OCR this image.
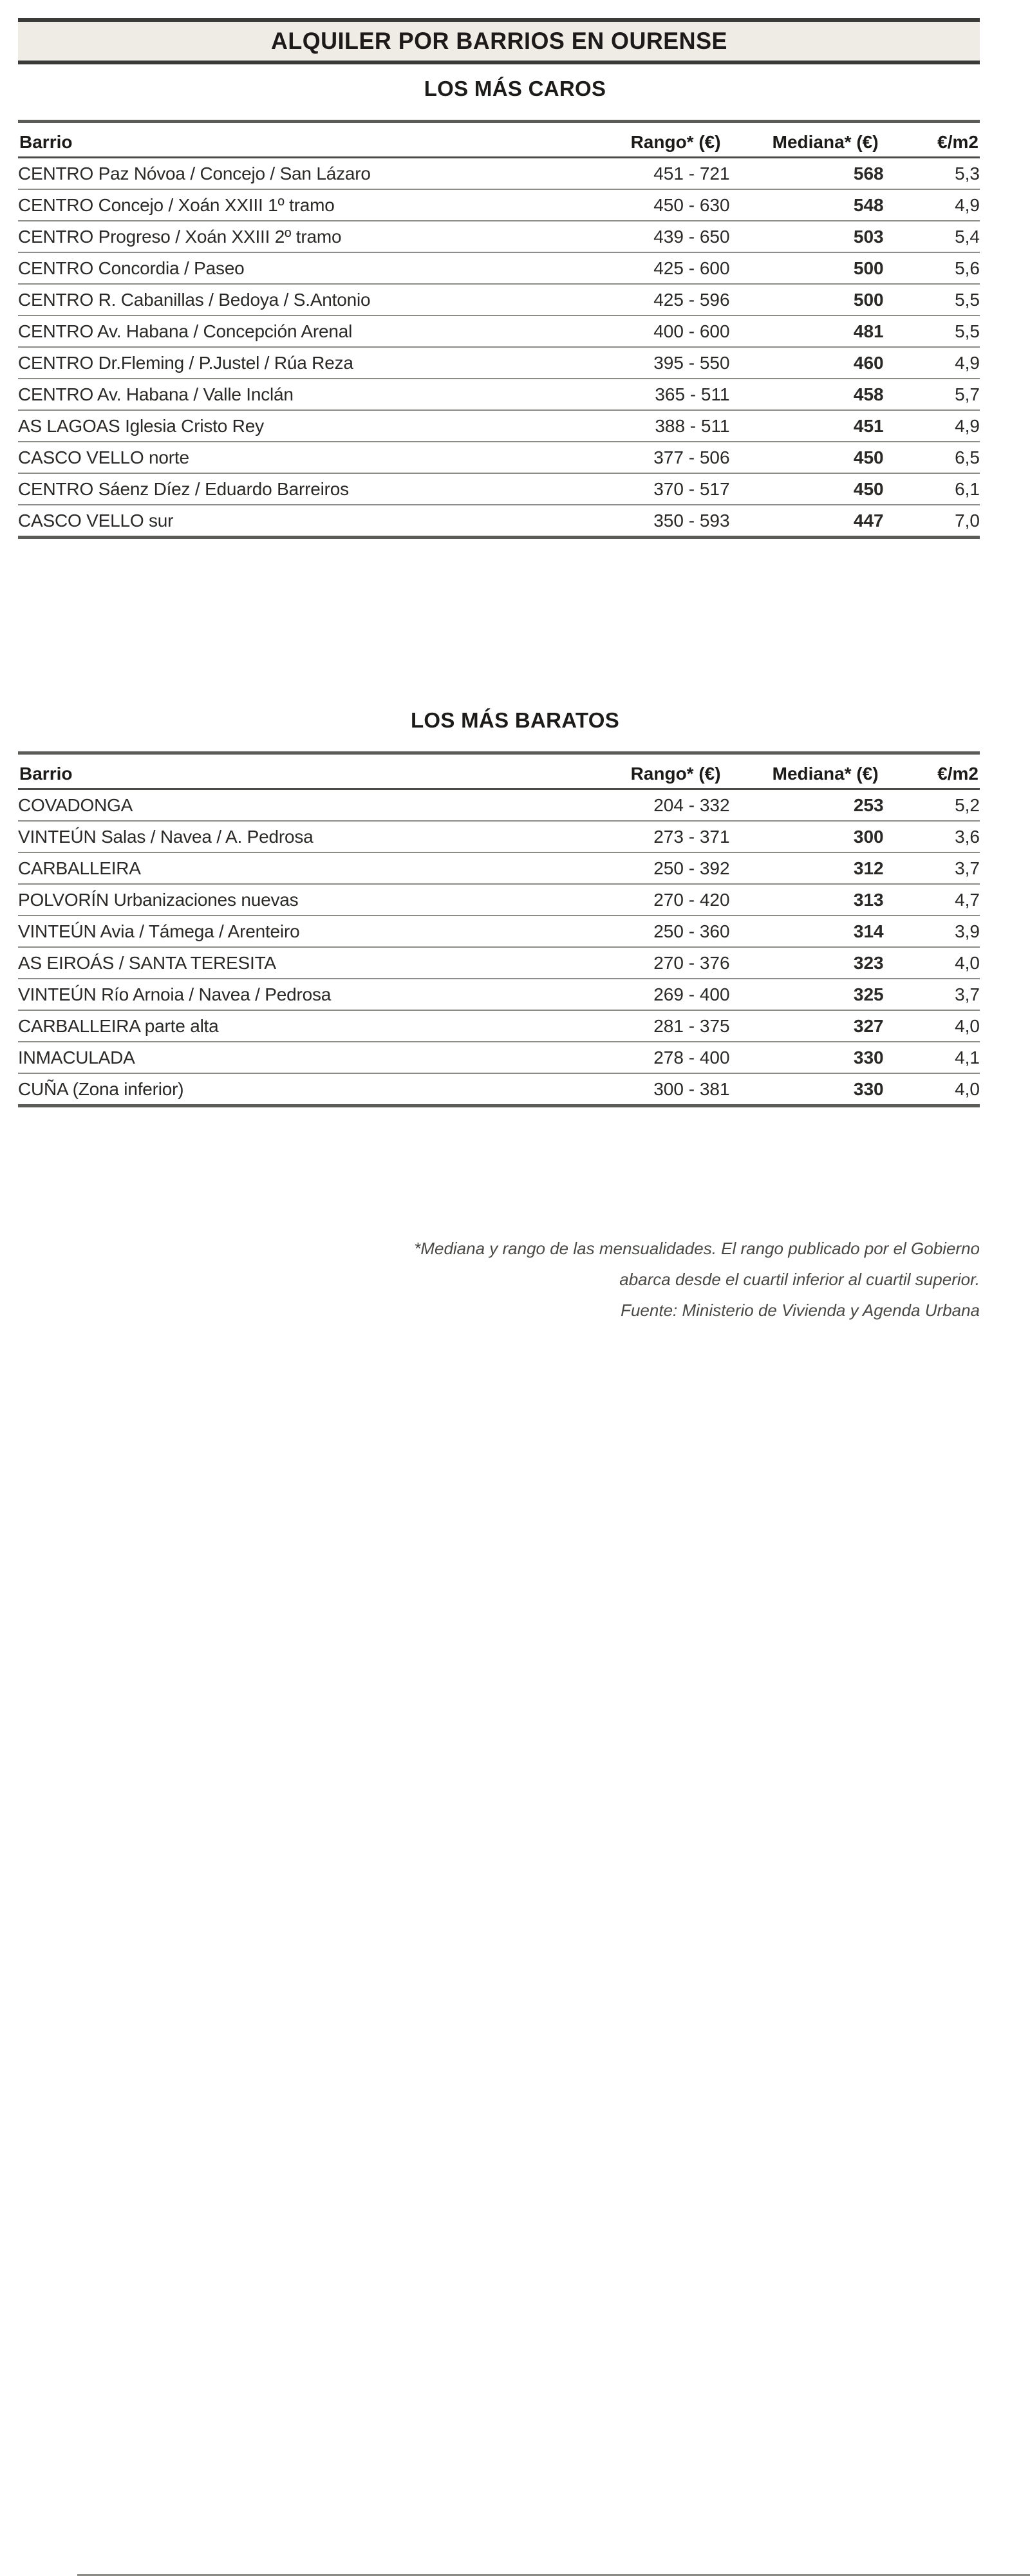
ALQUILER POR BARRIOS EN OURENSE
LOS MÁS CAROS
Barrio	Rango* (€)	Mediana* (€)	€/m2
CENTRO Paz Nóvoa / Concejo / San Lázaro	451 - 721	568	5,3
CENTRO Concejo / Xoán XXIII 1º tramo	450 - 630	548	4,9
CENTRO Progreso / Xoán XXIII 2º tramo	439 - 650	503	5,4
CENTRO Concordia / Paseo	425 - 600	500	5,6
CENTRO R. Cabanillas / Bedoya / S.Antonio	425 - 596	500	5,5
CENTRO Av. Habana / Concepción Arenal	400 - 600	481	5,5
CENTRO Dr.Fleming / P.Justel / Rúa Reza	395 - 550	460	4,9
CENTRO Av. Habana / Valle Inclán	365 - 511	458	5,7
AS LAGOAS Iglesia Cristo Rey	388 - 511	451	4,9
CASCO VELLO norte	377 - 506	450	6,5
CENTRO Sáenz Díez / Eduardo Barreiros	370 - 517	450	6,1
CASCO VELLO sur	350 - 593	447	7,0
LOS MÁS BARATOS
Barrio	Rango* (€)	Mediana* (€)	€/m2
COVADONGA	204 - 332	253	5,2
VINTEÚN Salas / Navea / A. Pedrosa	273 - 371	300	3,6
CARBALLEIRA	250 - 392	312	3,7
POLVORÍN Urbanizaciones nuevas	270 - 420	313	4,7
VINTEÚN Avia / Támega / Arenteiro	250 - 360	314	3,9
AS EIROÁS / SANTA TERESITA	270 - 376	323	4,0
VINTEÚN Río Arnoia / Navea / Pedrosa	269 - 400	325	3,7
CARBALLEIRA parte alta	281 - 375	327	4,0
INMACULADA	278 - 400	330	4,1
CUÑA (Zona inferior)	300 - 381	330	4,0
*Mediana y rango de las mensualidades. El rango publicado por el Gobierno
abarca desde el cuartil inferior al cuartil superior.
Fuente: Ministerio de Vivienda y Agenda Urbana
